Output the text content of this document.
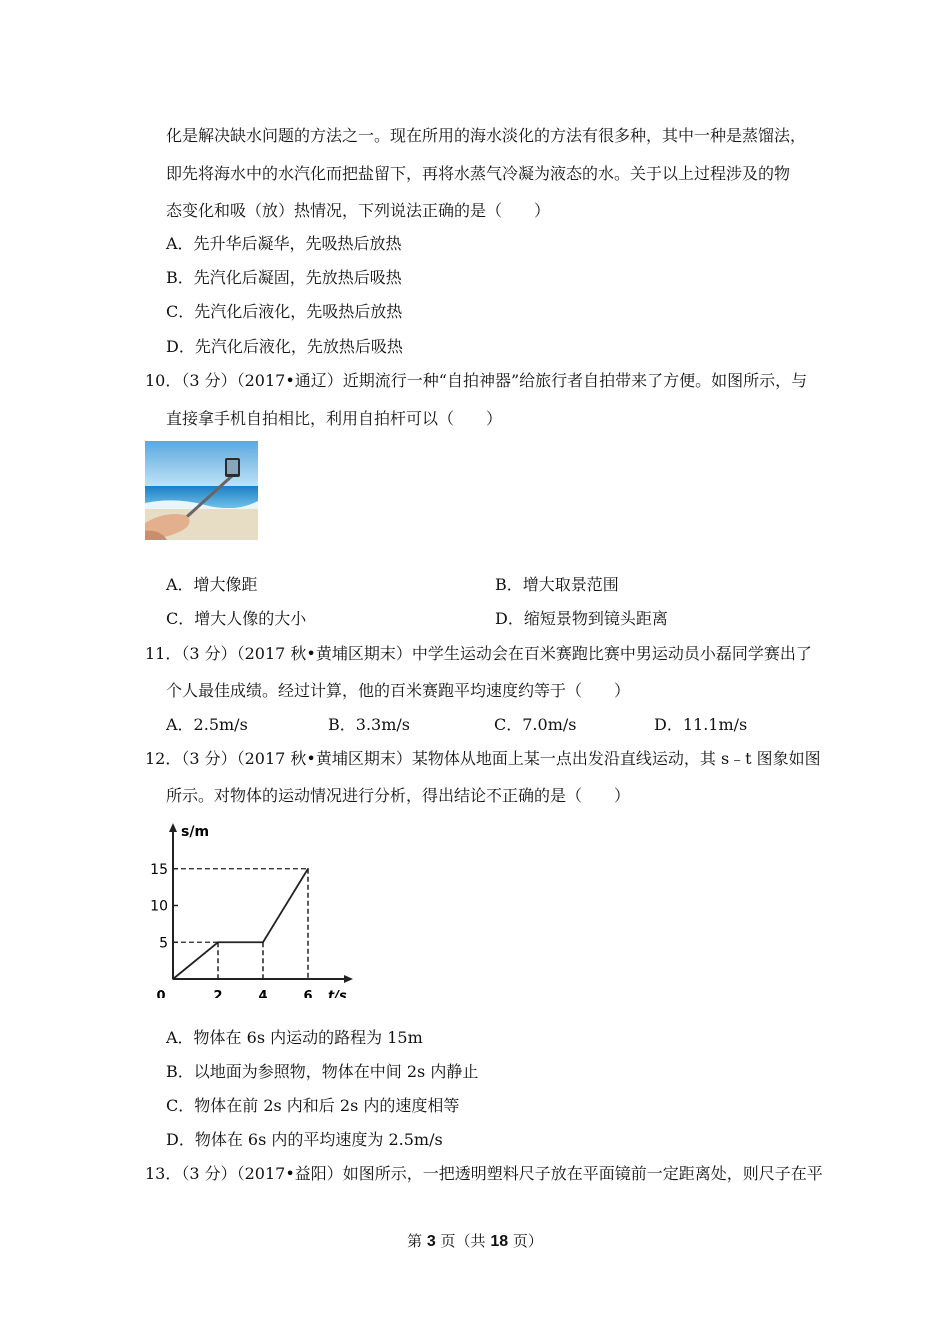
化是解决缺水问题的方法之一。现在所用的海水淡化的方法有很多种，其中一种是蒸馏法，
即先将海水中的水汽化而把盐留下，再将水蒸气冷凝为液态的水。关于以上过程涉及的物
态变化和吸（放）热情况，下列说法正确的是（　　）
A．先升华后凝华，先吸热后放热
B．先汽化后凝固，先放热后吸热
C．先汽化后液化，先吸热后放热
D．先汽化后液化，先放热后吸热
10．（3 分）（2017•通辽）近期流行一种“自拍神器”给旅行者自拍带来了方便。如图所示，与
直接拿手机自拍相比，利用自拍杆可以（　　）
A．增大像距	B．增大取景范围
C．增大人像的大小	D．缩短景物到镜头距离
11．（3 分）（2017 秋•黄埔区期末）中学生运动会在百米赛跑比赛中男运动员小磊同学赛出了
个人最佳成绩。经过计算，他的百米赛跑平均速度约等于（　　）
A．2.5m/s	B．3.3m/s	C．7.0m/s	D．11.1m/s
12．（3 分）（2017 秋•黄埔区期末）某物体从地面上某一点出发沿直线运动，其 s﹣t 图象如图
所示。对物体的运动情况进行分析，得出结论不正确的是（　　）
s/m
t/s
5
10
15
0	2	4	6
A．物体在 6s 内运动的路程为 15m
B．以地面为参照物，物体在中间 2s 内静止
C．物体在前 2s 内和后 2s 内的速度相等
D．物体在 6s 内的平均速度为 2.5m/s
13．（3 分）（2017•益阳）如图所示，一把透明塑料尺子放在平面镜前一定距离处，则尺子在平
第 3 页（共 18 页）
